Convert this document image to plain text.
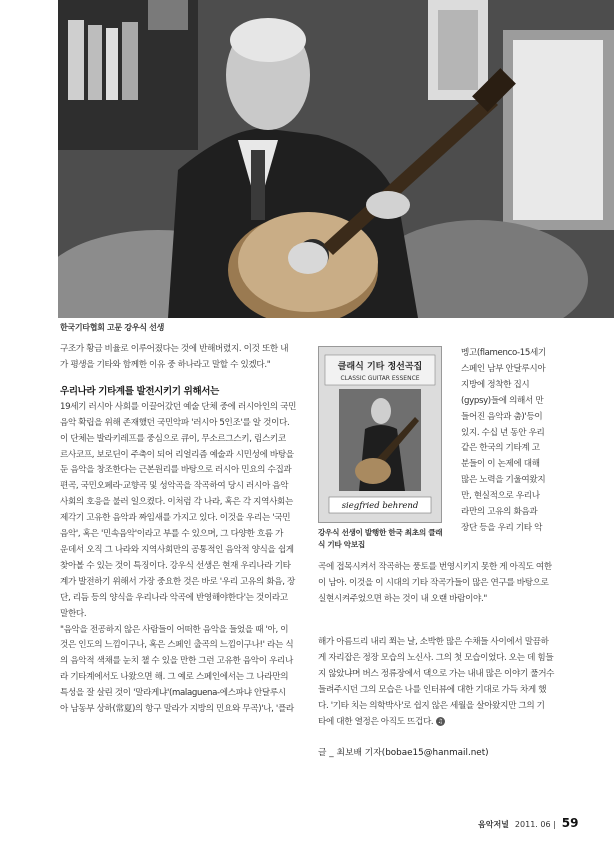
한국기타협회 고문 강우식 선생

구조가 황금 비율로 이루어졌다는 것에 반해버렸지. 이것 또한 내

가 평생을 기타와 함께한 이유 중 하나라고 말할 수 있겠다."

우리나라 기타계를 발전시키기 위해서는

19세기 러시아 사회를 이끌어갔던 예술 단체 중에 러시아인의 국민

음악 확립을 위해 존재했던 국민악파 '러시아 5인조'를 알 것이다.

이 단체는 발라키레프를 중심으로 큐이, 무소르그스키, 림스키코

르사코프, 보로딘이 주축이 되어 리얼리즘 예술과 시민성에 바탕을

둔 음악을 창조한다는 근본원리를 바탕으로 러시아 민요의 수집과

편곡, 국민오페라·교향곡 및 성악곡을 작곡하여 당시 러시아 음악

사회의 호응을 불러 일으켰다. 이처럼 각 나라, 혹은 각 지역사회는

제각기 고유한 음악과 짜임새를 가지고 있다. 이것을 우리는 '국민

음악', 혹은 '민속음악'이라고 부를 수 있으며, 그 다양한 흐름 가

운데서 오직 그 나라와 지역사회만의 공통적인 음악적 양식을 쉽게

찾아볼 수 있는 것이 특징이다. 강우식 선생은 현재 우리나라 기타

계가 발전하기 위해서 가장 중요한 것은 바로 '우리 고유의 화음, 장

단, 리듬 등의 양식을 우리나라 악곡에 반영해야한다'는 것이라고

말한다.

"음악을 전공하지 않은 사람들이 어떠한 음악을 들었을 때 '아, 이

것은 인도의 느낌이구나, 혹은 스페인 출곡의 느낌이구나!' 라는 식

의 음악적 색채를 눈치 챌 수 있을 만한 그런 고유한 음악이 우리나

라 기타계에서도 나왔으면 해. 그 예로 스페인에서는 그 나라만의

특성을 잘 살린 것이 '말라게냐'(malaguena-에스파냐 안달루시

아 남동부 상하(常夏)의 항구 말라가 지방의 민요와 무곡)'나, '플라

클래식 기타 정선곡집
CLASSIC GUITAR ESSENCE
siegfried behrend
강우식 선생이 발행한 한국 최초의 클래식 기타 악보집

멩고(flamenco-15세기

스페인 남부 안달루시아

지방에 정착한 집시

(gypsy)들에 의해서 만

들어진 음악과 춤)'등이

있지. 수십 년 동안 우리

같은 한국의 기타계 고

분들이 이 논제에 대해

많은 노력을 기울여왔지

만, 현실적으로 우리나

라만의 고유의 화음과

장단 등을 우리 기타 악

곡에 접목시켜서 작곡하는 풍토를 번영시키지 못한 게 아직도 여한

이 남아. 이것을 이 시대의 기타 작곡가들이 많은 연구를 바탕으로

실현시켜주었으면 하는 것이 내 오랜 바람이야."

해가 아름드리 내리 쬐는 날, 소박한 많은 수채들 사이에서 말끔하

게 자리잡은 정장 모습의 노신사. 그의 첫 모습이었다. 오는 데 힘들

지 않았냐며 버스 정류장에서 댁으로 가는 내내 많은 이야기 풀거수

들려주시던 그의 모습은 나를 인터뷰에 대한 기대로 가득 차게 했

다. '기타 치는 의학박사'로 쉽지 않은 세월을 살아왔지만 그의 기

타에 대한 열정은 아직도 뜨겁다. ♫

글 _ 최보배 기자(bobae15@hanmail.net)
음악저널 2011. 06 | 59
